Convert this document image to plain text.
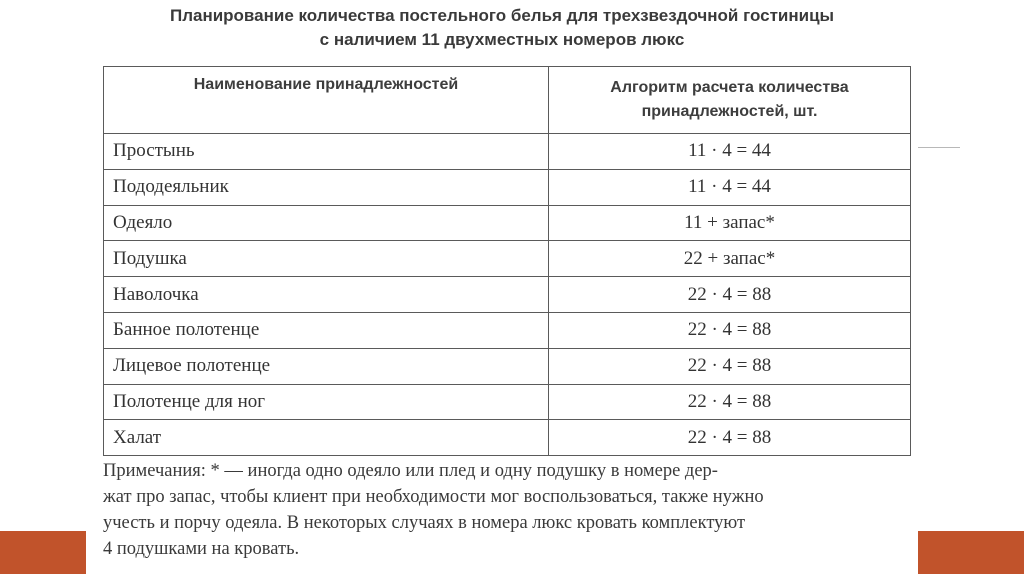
Планирование количества постельного белья для трехзвездочной гостиницы
с наличием 11 двухместных номеров люкс
Наименование принадлежностей	Алгоритм расчета количества
принадлежностей, шт.

Простынь	11 · 4 = 44
Пододеяльник	11 · 4 = 44
Одеяло	11 + запас*
Подушка	22 + запас*
Наволочка	22 · 4 = 88
Банное полотенце	22 · 4 = 88
Лицевое полотенце	22 · 4 = 88
Полотенце для ног	22 · 4 = 88
Халат	22 · 4 = 88
Примечания: * — иногда одно одеяло или плед и одну подушку в номере дер-
жат про запас, чтобы клиент при необходимости мог воспользоваться, также нужно
учесть и порчу одеяла. В некоторых случаях в номера люкс кровать комплектуют
4 подушками на кровать.
